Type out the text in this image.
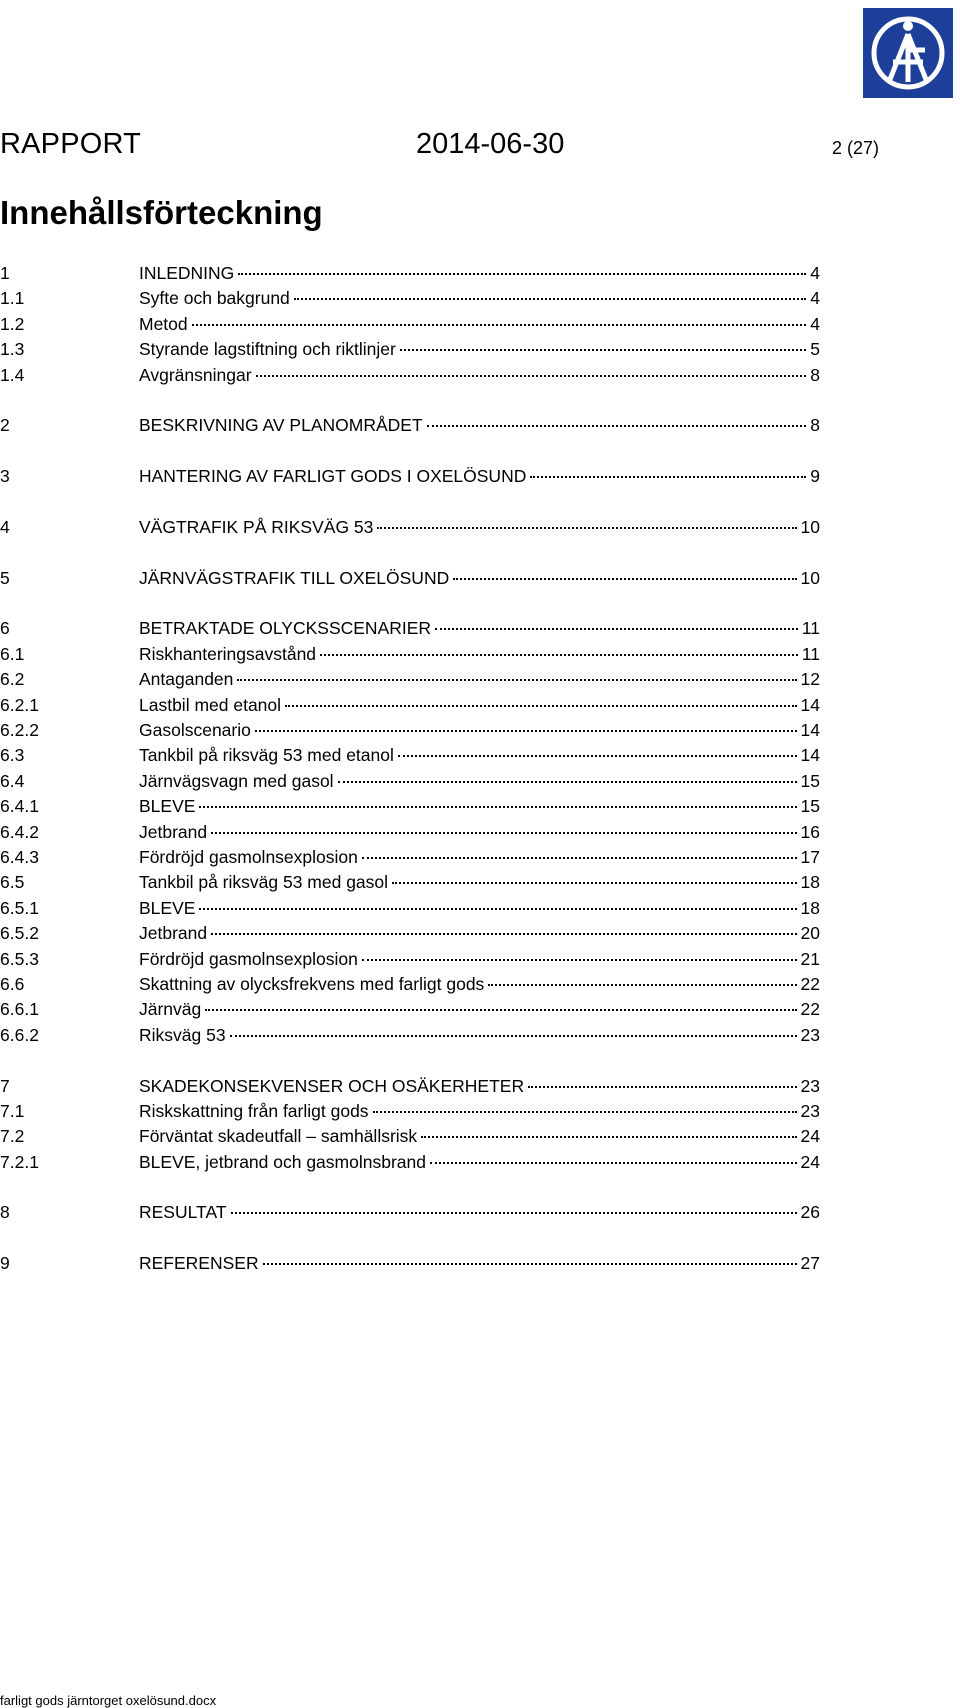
RAPPORT	2014-06-30	2 (27)
Innehållsförteckning
1	INLEDNING	4
1.1	Syfte och bakgrund	4
1.2	Metod	4
1.3	Styrande lagstiftning och riktlinjer	5
1.4	Avgränsningar	8
2	BESKRIVNING AV PLANOMRÅDET	8
3	HANTERING AV FARLIGT GODS I OXELÖSUND	9
4	VÄGTRAFIK PÅ RIKSVÄG 53	10
5	JÄRNVÄGSTRAFIK TILL OXELÖSUND	10
6	BETRAKTADE OLYCKSSCENARIER	11
6.1	Riskhanteringsavstånd	11
6.2	Antaganden	12
6.2.1	Lastbil med etanol	14
6.2.2	Gasolscenario	14
6.3	Tankbil på riksväg 53 med etanol	14
6.4	Järnvägsvagn med gasol	15
6.4.1	BLEVE	15
6.4.2	Jetbrand	16
6.4.3	Fördröjd gasmolnsexplosion	17
6.5	Tankbil på riksväg 53 med gasol	18
6.5.1	BLEVE	18
6.5.2	Jetbrand	20
6.5.3	Fördröjd gasmolnsexplosion	21
6.6	Skattning av olycksfrekvens med farligt gods	22
6.6.1	Järnväg	22
6.6.2	Riksväg 53	23
7	SKADEKONSEKVENSER OCH OSÄKERHETER	23
7.1	Riskskattning från farligt gods	23
7.2	Förväntat skadeutfall – samhällsrisk	24
7.2.1	BLEVE, jetbrand och gasmolnsbrand	24
8	RESULTAT	26
9	REFERENSER	27
farligt gods järntorget oxelösund.docx
